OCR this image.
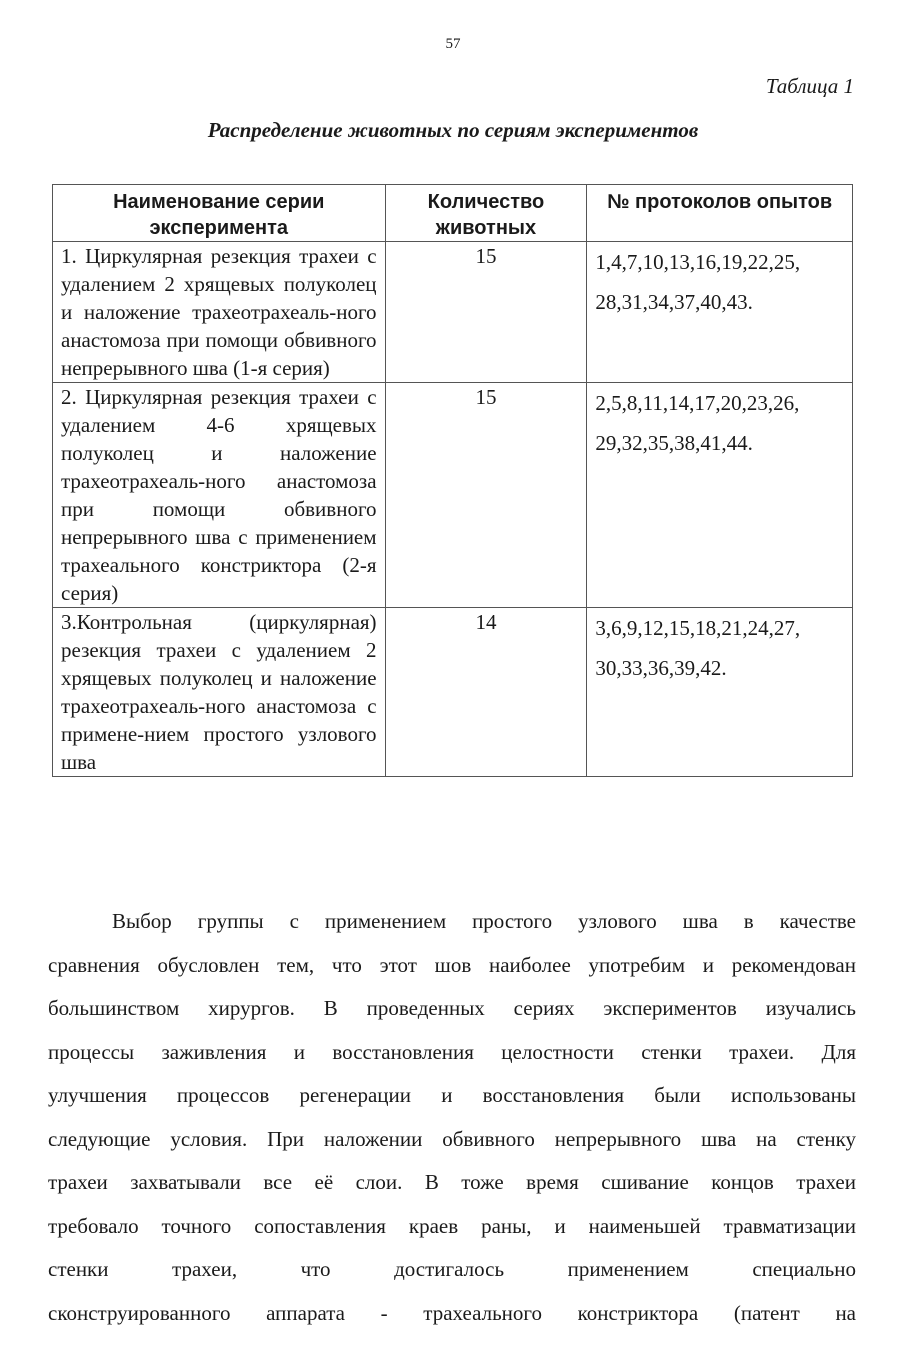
57
Таблица 1
Распределение животных по сериям экспериментов
Наименование серии эксперимента	Количество животных	№ протоколов опытов
1. Циркулярная резекция трахеи с удалением 2 хрящевых полуколец и наложение трахеотрахеаль-ного анастомоза при помощи обвивного непрерывного шва (1-я серия)	15	1,4,7,10,13,16,19,22,25, 28,31,34,37,40,43.
2. Циркулярная резекция трахеи с удалением 4-6 хрящевых полуколец и наложение трахеотрахеаль-ного анастомоза при помощи обвивного непрерывного шва с применением трахеального констриктора (2-я серия)	15	2,5,8,11,14,17,20,23,26, 29,32,35,38,41,44.
3.Контрольная (циркулярная) резекция трахеи с удалением 2 хрящевых полуколец и наложение трахеотрахеаль-ного анастомоза с примене-нием простого узлового шва	14	3,6,9,12,15,18,21,24,27, 30,33,36,39,42.
Выбор группы с применением простого узлового шва в качестве
сравнения обусловлен тем, что этот шов наиболее употребим и рекомендован
большинством хирургов. В проведенных сериях экспериментов изучались
процессы заживления и восстановления целостности стенки трахеи. Для
улучшения процессов регенерации и восстановления были использованы
следующие условия. При наложении обвивного непрерывного шва на стенку
трахеи захватывали все её слои. В тоже время сшивание концов трахеи
требовало точного сопоставления краев раны, и наименьшей травматизации
стенки трахеи, что достигалось применением специально
сконструированного аппарата - трахеального констриктора (патент на
